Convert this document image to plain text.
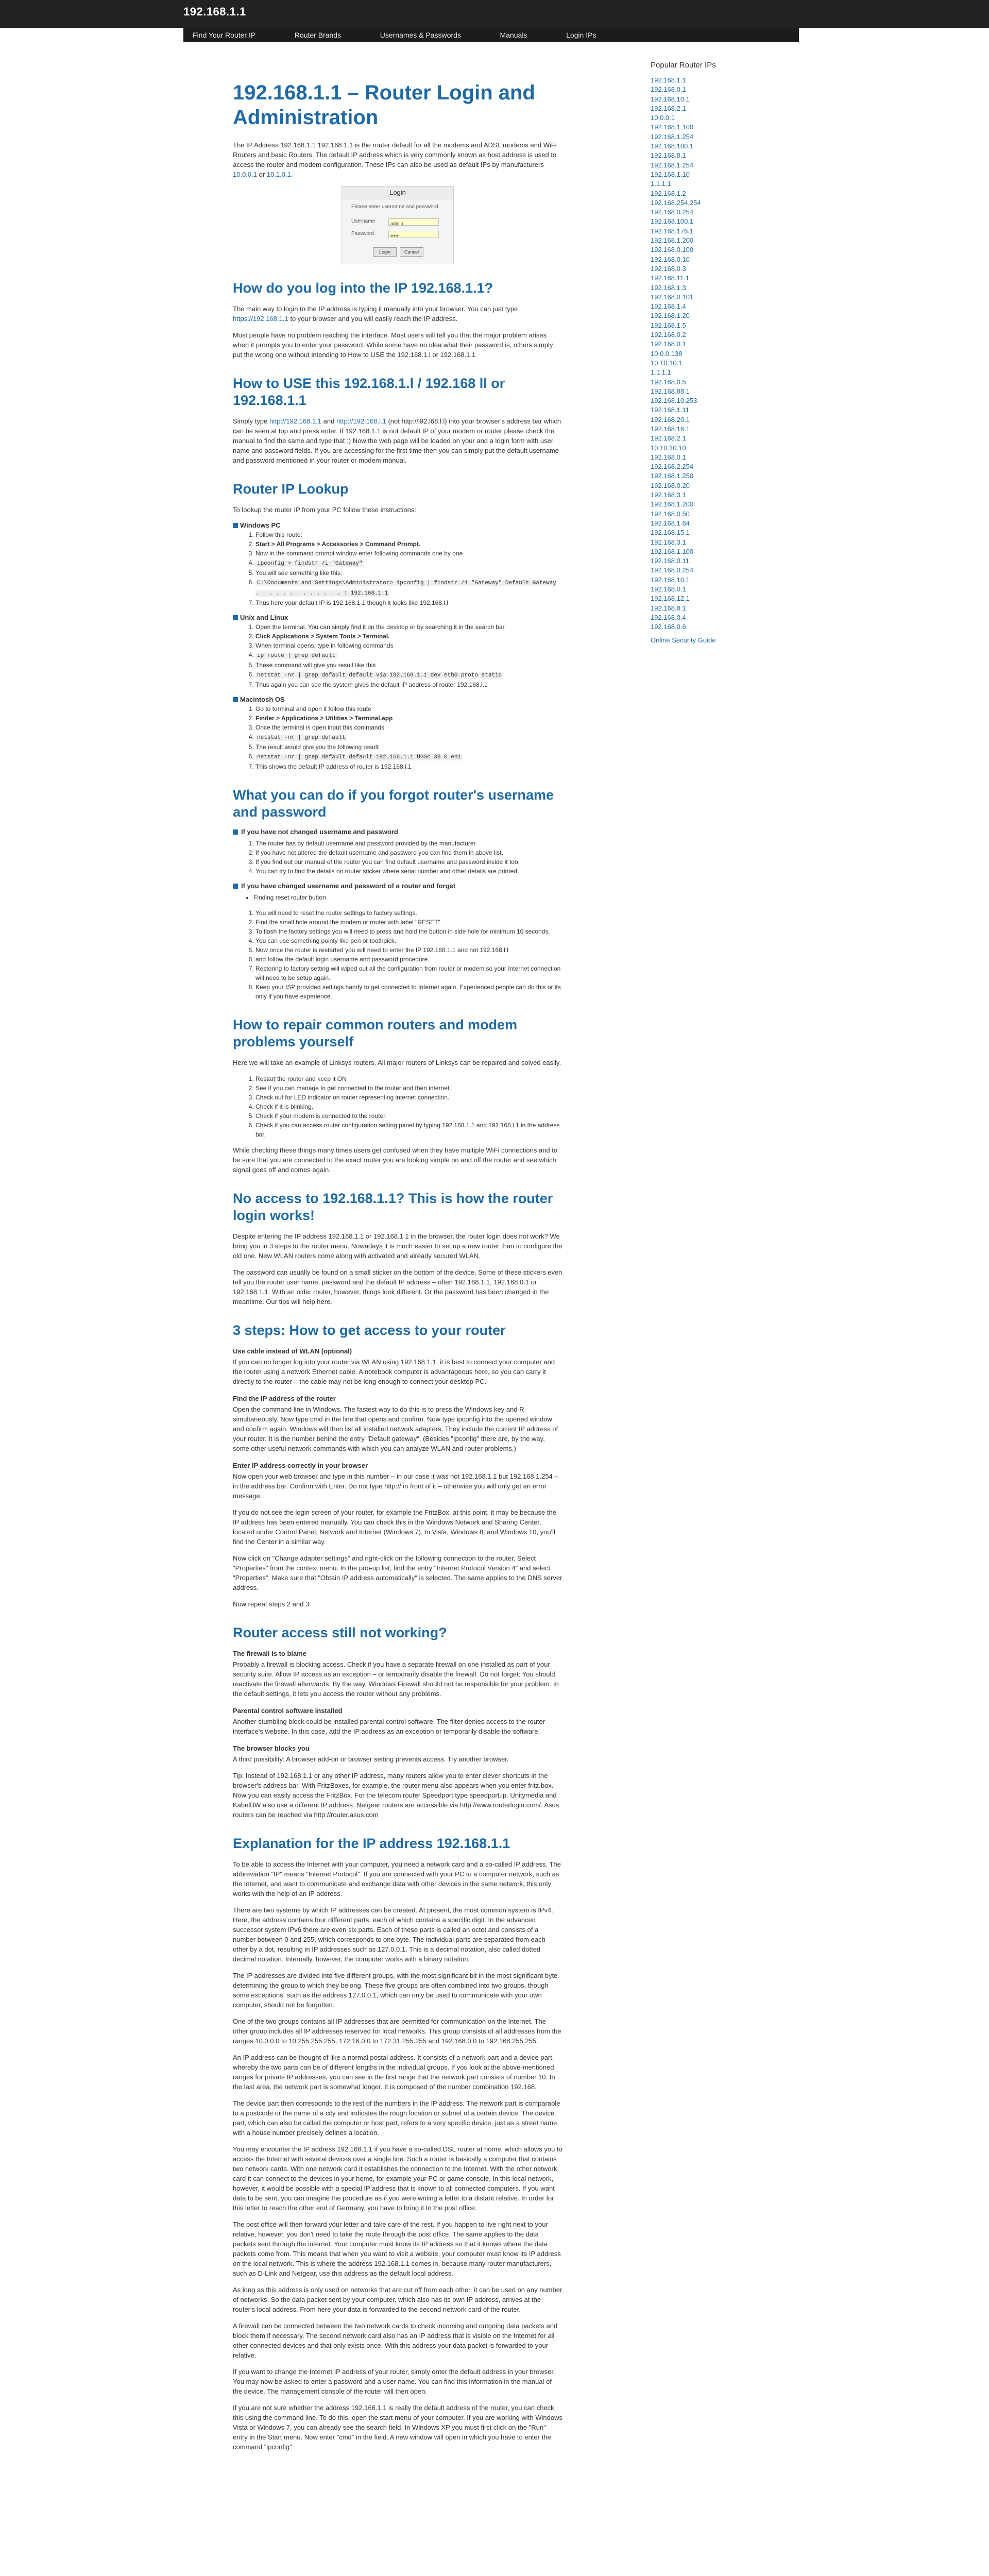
192.168.1.1
Find Your Router IP	Router Brands	Usernames & Passwords	Manuals	Login IPs
192.168.1.1 – Router Login and Administration

The IP Address 192.168.1.1 192.168.1.1 is the router default for all the modems and ADSL modems and WiFi Routers and basic Routers. The default IP address which is very commonly known as host address is used to access the router and modem configuration. These IPs can also be used as default IPs by manufacturers 10.0.0.1 or 10.1.0.1.

Login
Please enter username and password.
Username	admin
Password	•••••
Login	Cancel
How do you log into the IP 192.168.1.1?

The main way to login to the IP address is typing it manually into your browser. You can just type https://192.168.1.1 to your browser and you will easily reach the IP address.

Most people have no problem reaching the interface. Most users will tell you that the major problem arises when it prompts you to enter your password. While some have no idea what their password is, others simply put the wrong one without intending to How to USE the 192.168.1.l or 192.168.1.1

How to USE this 192.168.1.l / 192.168 ll or 192.168.1.1

Simply type http://192.168.1.1 and http://192.168.l.1 (not http://l92.l68.l.l) into your browser's address bar which can be seen at top and press enter. If 192.168.1.1 is not default IP of your modem or router please check the manual to find the same and type that :) Now the web page will be loaded on your and a login form with user name and password fields. If you are accessing for the first time then you can simply put the default username and password mentioned in your router or modem manual.

Router IP Lookup

To lookup the router IP from your PC follow these instructions:

Windows PC
1. Follow this route:
2. Start > All Programs > Accessories > Command Prompt.
3. Now in the command prompt window enter following commands one by one
4. ipconfig > findstr /i "Gateway"
5. You will see something like this:
6. C:\Documents and Settings\Administrator> ipconfig | findstr /i "Gateway" Default Gateway . . . . . . . . . . . . . : 192.168.1.1
7. Thus here your default IP is 192.168.1.1 though it looks like 192.168.l.l
Unix and Linux
1. Open the terminal. You can simply find it on the desktop or by searching it in the search bar
2. Click Applications > System Tools > Terminal.
3. When terminal opens, type in following commands
4. ip route | grep default
5. These command will give you result like this
6. netstat -nr | grep default default via 192.168.1.1 dev eth0 proto static
7. Thus again you can see the system gives the default IP address of router 192.168.l.1
Macintosh OS
1. Go to terminal and open it follow this route
2. Finder > Applications > Utilities > Terminal.app
3. Once the terminal is open input this commands
4. netstat -nr | grep default
5. The result would give you the following result
6. netstat -nr | grep default default 192.168.1.1 UGSc 38 0 en1
7. This shows the default IP address of router is 192.168.l.1
What you can do if you forgot router's username and password
If you have not changed username and password
1. The router has by default username and password provided by the manufacturer.
2. If you have not altered the default username and password you can find them in above list.
3. If you find out our manual of the router you can find default username and password inside it too.
4. You can try to find the details on router sticker where serial number and other details are printed.
If you have changed username and password of a router and forget
• Finding reset router button
1. You will need to reset the router settings to factory settings.
2. Find the small hole around the modem or router with label "RESET".
3. To flash the factory settings you will need to press and hold the button in side hole for minimum 10 seconds.
4. You can use something pointy like pen or toothpick.
5. Now once the router is restarted you will need to enter the IP 192.168.1.1 and not 192.168.l.l
6. and follow the default login username and password procedure.
7. Restoring to factory setting will wiped out all the configuration from router or modem so your Internet connection will need to be setup again.
8. Keep your ISP provided settings handy to get connected to Internet again. Experienced people can do this or its only if you have experience.
How to repair common routers and modem problems yourself

Here we will take an example of Linksys routers. All major routers of Linksys can be repaired and solved easily.

1. Restart the router and keep it ON
2. See if you can manage to get connected to the router and then internet.
3. Check out for LED indicator on router representing internet connection.
4. Check if it is blinking.
5. Check if your modem is connected to the router.
6. Check if you can access router configuration setting panel by typing 192.168.1.1 and 192.168.l.1 in the address bar.

While checking these things many times users get confused when they have multiple WiFi connections and to be sure that you are connected to the exact router you are looking simple on and off the router and see which signal goes off and comes again.

No access to 192.168.1.1? This is how the router login works!

Despite entering the IP address 192.168.1.1 or 192.168.1.1 in the browser, the router login does not work? We bring you in 3 steps to the router menu. Nowadays it is much easier to set up a new router than to configure the old one. New WLAN routers come along with activated and already secured WLAN.

The password can usually be found on a small sticker on the bottom of the device. Some of these stickers even tell you the router user name, password and the default IP address – often 192.168.1.1, 192.168.0.1 or 192.168.1.1. With an older router, however, things look different. Or the password has been changed in the meantime. Our tips will help here.

3 steps: How to get access to your router
Use cable instead of WLAN (optional)

If you can no longer log into your router via WLAN using 192.168.1.1, it is best to connect your computer and the router using a network Ethernet cable. A notebook computer is advantageous here, so you can carry it directly to the router – the cable may not be long enough to connect your desktop PC.

Find the IP address of the router

Open the command line in Windows. The fastest way to do this is to press the Windows key and R simultaneously. Now type cmd in the line that opens and confirm. Now type ipconfig into the opened window and confirm again. Windows will then list all installed network adapters. They include the current IP address of your router. It is the number behind the entry "Default gateway". (Besides "Ipconfig" there are, by the way, some other useful network commands with which you can analyze WLAN and router problems.)

Enter IP address correctly in your browser

Now open your web browser and type in this number – in our case it was not 192.168.1.1 but 192.168.1.254 – in the address bar. Confirm with Enter. Do not type http:// in front of it – otherwise you will only get an error message.

If you do not see the login screen of your router, for example the FritzBox, at this point, it may be because the IP address has been entered manually. You can check this in the Windows Network and Sharing Center, located under Control Panel, Network and Internet (Windows 7). In Vista, Windows 8, and Windows 10, you'll find the Center in a similar way.

Now click on "Change adapter settings" and right-click on the following connection to the router. Select "Properties" from the context menu. In the pop-up list, find the entry "Internet Protocol Version 4" and select "Properties". Make sure that "Obtain IP address automatically" is selected. The same applies to the DNS server address.

Now repeat steps 2 and 3.

Router access still not working?
The firewall is to blame

Probably a firewall is blocking access. Check if you have a separate firewall on one installed as part of your security suite. Allow IP access as an exception – or temporarily disable the firewall. Do not forget: You should reactivate the firewall afterwards. By the way, Windows Firewall should not be responsible for your problem. In the default settings, it lets you access the router without any problems.

Parental control software installed

Another stumbling block could be installed parental control software. The filter denies access to the router interface's website. In this case, add the IP address as an exception or temporarily disable the software.

The browser blocks you

A third possibility: A browser add-on or browser setting prevents access. Try another browser.

Tip: Instead of 192.168.1.1 or any other IP address, many routers allow you to enter clever shortcuts in the browser's address bar. With FritzBoxes, for example, the router menu also appears when you enter fritz.box. Now you can easily access the FritzBox. For the telecom router Speedport type speedport.ip. Unitymedia and KabelBW also use a different IP address. Netgear routers are accessible via http://www.routerlogin.com/. Asus routers can be reached via http://router.asus.com

Explanation for the IP address 192.168.1.1

To be able to access the Internet with your computer, you need a network card and a so-called IP address. The abbreviation "IP" means "Internet Protocol". If you are connected with your PC to a computer network, such as the Internet, and want to communicate and exchange data with other devices in the same network, this only works with the help of an IP address.

There are two systems by which IP addresses can be created. At present, the most common system is IPv4. Here, the address contains four different parts, each of which contains a specific digit. In the advanced successor system IPv6 there are even six parts. Each of these parts is called an octet and consists of a number between 0 and 255, which corresponds to one byte. The individual parts are separated from each other by a dot, resulting in IP addresses such as 127.0.0.1. This is a decimal notation, also called dotted decimal notation. Internally, however, the computer works with a binary notation.

The IP addresses are divided into five different groups, with the most significant bit in the most significant byte determining the group to which they belong. These five groups are often combined into two groups, though some exceptions, such as the address 127.0.0.1, which can only be used to communicate with your own computer, should not be forgotten.

One of the two groups contains all IP addresses that are permitted for communication on the Internet. The other group includes all IP addresses reserved for local networks. This group consists of all addresses from the ranges 10.0.0.0 to 10.255.255.255, 172.16.0.0 to 172.31.255.255 and 192.168.0.0 to 192.168.255.255.

An IP address can be thought of like a normal postal address. It consists of a network part and a device part, whereby the two parts can be of different lengths in the individual groups. If you look at the above-mentioned ranges for private IP addresses, you can see in the first range that the network part consists of number 10. In the last area, the network part is somewhat longer. It is composed of the number combination 192.168.

The device part then corresponds to the rest of the numbers in the IP address. The network part is comparable to a postcode or the name of a city and indicates the rough location or subnet of a certain device. The device part, which can also be called the computer or host part, refers to a very specific device, just as a street name with a house number precisely defines a location.

You may encounter the IP address 192.168.1.1 if you have a so-called DSL router at home, which allows you to access the Internet with several devices over a single line. Such a router is basically a computer that contains two network cards. With one network card it establishes the connection to the Internet. With the other network card it can connect to the devices in your home, for example your PC or game console. In this local network, however, it would be possible with a special IP address that is known to all connected computers. If you want data to be sent, you can imagine the procedure as if you were writing a letter to a distant relative. In order for this letter to reach the other end of Germany, you have to bring it to the post office.

The post office will then forward your letter and take care of the rest. If you happen to live right next to your relative, however, you don't need to take the route through the post office. The same applies to the data packets sent through the internet. Your computer must know its IP address so that it knows where the data packets come from. This means that when you want to visit a website, your computer must know its IP address on the local network. This is where the address 192.168.1.1 comes in, because many router manufacturers, such as D-Link and Netgear, use this address as the default local address.

As long as this address is only used on networks that are cut off from each other, it can be used on any number of networks. So the data packet sent by your computer, which also has its own IP address, arrives at the router's local address. From here your data is forwarded to the second network card of the router.

A firewall can be connected between the two network cards to check incoming and outgoing data packets and block them if necessary. The second network card also has an IP address that is visible on the Internet for all other connected devices and that only exists once. With this address your data packet is forwarded to your relative.

If you want to change the Internet IP address of your router, simply enter the default address in your browser. You may now be asked to enter a password and a user name. You can find this information in the manual of the device. The management console of the router will then open.

If you are not sure whether the address 192.168.1.1 is really the default address of the router, you can check this using the command line. To do this, open the start menu of your computer. If you are working with Windows Vista or Windows 7, you can already see the search field. In Windows XP you must first click on the "Run" entry in the Start menu. Now enter "cmd" in the field. A new window will open in which you have to enter the command "ipconfig".

Popular Router IPs
192.168.1.1
192.168.0.1
192.168.10.1
192.168.2.1
10.0.0.1
192.168.1.100
192.168.1.254
192.168.100.1
192.168.8.1
192.168.1.254
192.168.1.10
1.1.1.1
192.168.1.2
192.168.254.254
192.168.0.254
192.168.100.1
192.168.176.1
192.168.1.200
192.168.0.100
192.168.0.10
192.168.0.3
192.168.11.1
192.168.1.3
192.168.0.101
192.168.1.4
192.168.1.20
192.168.1.5
192.168.0.2
192.168.0.1
10.0.0.138
10.10.10.1
1.1.1.1
192.168.0.5
192.168.88.1
192.168.10.253
192.168.1.11
192.168.20.1
192.168.16.1
192.168.2.1
10.10.10.10
192.168.0.1
192.168.2.254
192.168.1.250
192.168.0.20
192.168.3.1
192.168.1.200
192.168.0.50
192.168.1.64
192.168.15.1
192.168.3.1
192.168.1.100
192.168.0.11
192.168.0.254
192.168.10.1
192.168.0.1
192.168.12.1
192.168.8.1
192.168.0.4
192.168.0.6
Online Security Guide
